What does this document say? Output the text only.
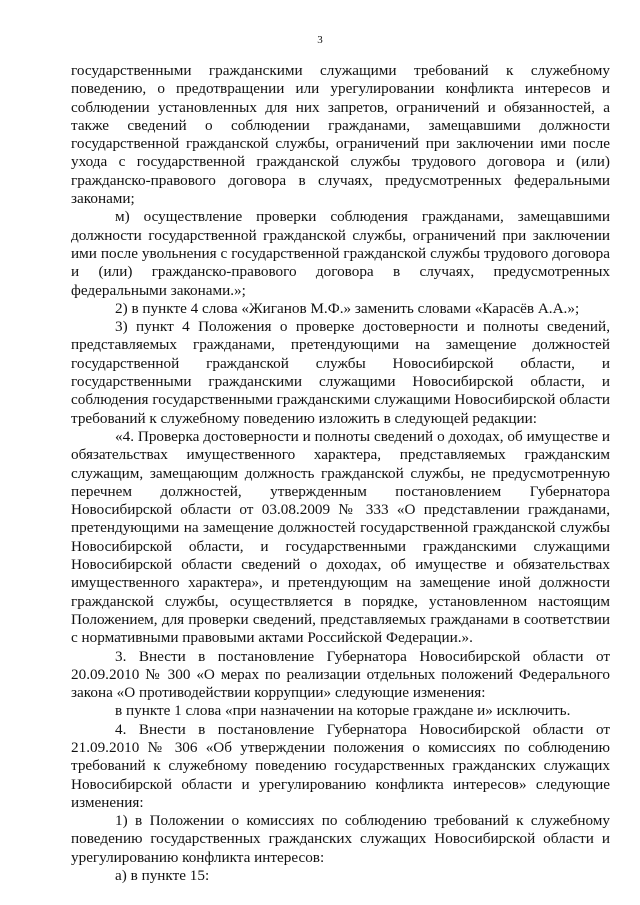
3

государственными гражданскими служащими требований к служебному поведению, о предотвращении или урегулировании конфликта интересов и соблюдении установленных для них запретов, ограничений и обязанностей, а также сведений о соблюдении гражданами, замещавшими должности государственной гражданской службы, ограничений при заключении ими после ухода с государственной гражданской службы трудового договора и (или) гражданско-правового договора в случаях, предусмотренных федеральными законами;

м) осуществление проверки соблюдения гражданами, замещавшими должности государственной гражданской службы, ограничений при заключении ими после увольнения с государственной гражданской службы трудового договора и (или) гражданско-правового договора в случаях, предусмотренных федеральными законами.»;

2) в пункте 4 слова «Жиганов М.Ф.» заменить словами «Карасёв А.А.»;

3) пункт 4 Положения о проверке достоверности и полноты сведений, представляемых гражданами, претендующими на замещение должностей государственной гражданской службы Новосибирской области, и государственными гражданскими служащими Новосибирской области, и соблюдения государственными гражданскими служащими Новосибирской области требований к служебному поведению изложить в следующей редакции:

«4. Проверка достоверности и полноты сведений о доходах, об имуществе и обязательствах имущественного характера, представляемых гражданским служащим, замещающим должность гражданской службы, не предусмотренную перечнем должностей, утвержденным постановлением Губернатора Новосибирской области от 03.08.2009 № 333 «О представлении гражданами, претендующими на замещение должностей государственной гражданской службы Новосибирской области, и государственными гражданскими служащими Новосибирской области сведений о доходах, об имуществе и обязательствах имущественного характера», и претендующим на замещение иной должности гражданской службы, осуществляется в порядке, установленном настоящим Положением, для проверки сведений, представляемых гражданами в соответствии с нормативными правовыми актами Российской Федерации.».

3. Внести в постановление Губернатора Новосибирской области от 20.09.2010 № 300 «О мерах по реализации отдельных положений Федерального закона «О противодействии коррупции» следующие изменения:

в пункте 1 слова «при назначении на которые граждане и» исключить.

4. Внести в постановление Губернатора Новосибирской области от 21.09.2010 № 306 «Об утверждении положения о комиссиях по соблюдению требований к служебному поведению государственных гражданских служащих Новосибирской области и урегулированию конфликта интересов» следующие изменения:

1) в Положении о комиссиях по соблюдению требований к служебному поведению государственных гражданских служащих Новосибирской области и урегулированию конфликта интересов:

а) в пункте 15:
